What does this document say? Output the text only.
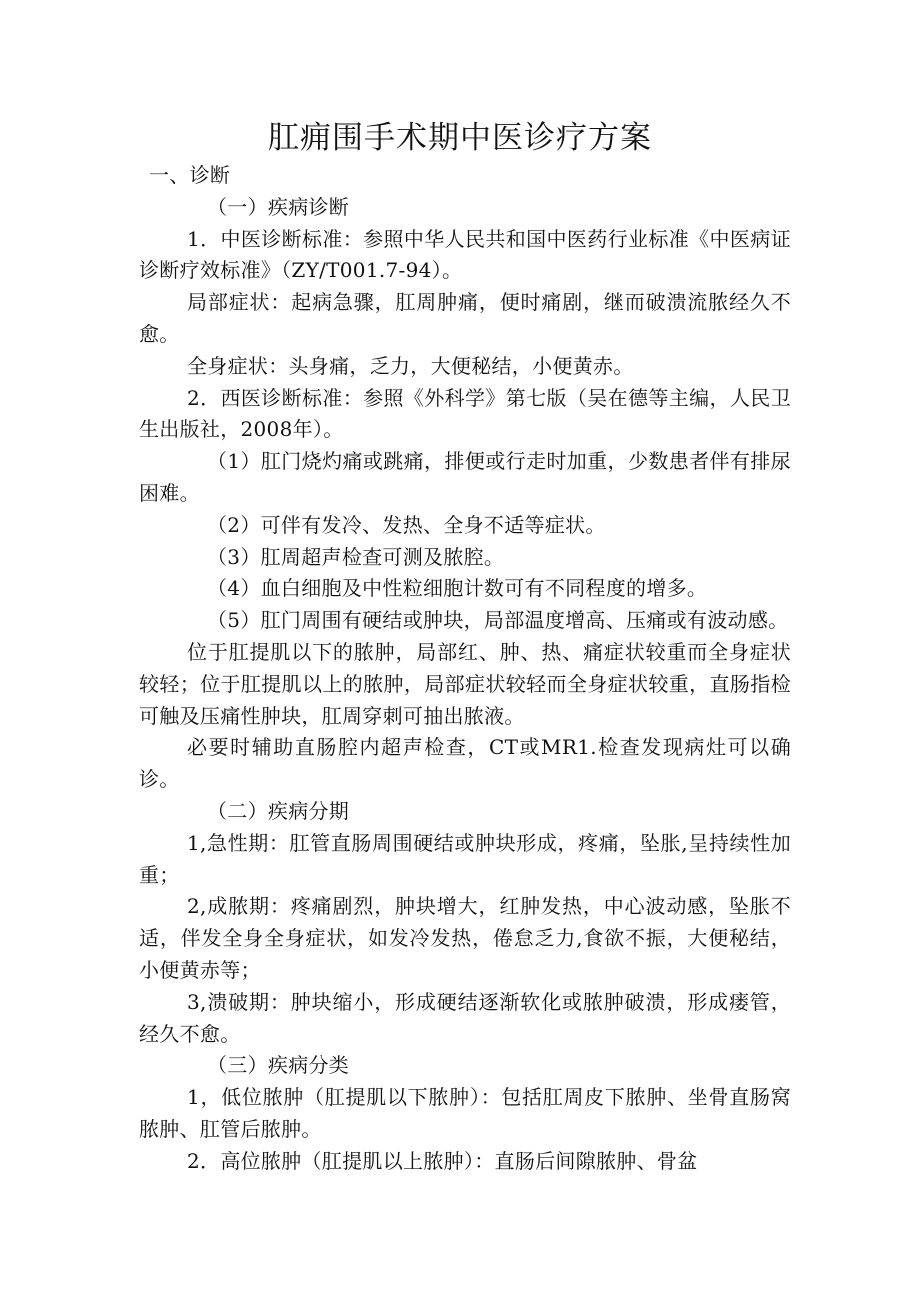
肛痈围手术期中医诊疗方案

一、诊断

（一）疾病诊断

1．中医诊断标准：参照中华人民共和国中医药行业标准《中医病证诊断疗效标准》（ZY/T001.7-94）。

局部症状：起病急骤，肛周肿痛，便时痛剧，继而破溃流脓经久不愈。

全身症状：头身痛，乏力，大便秘结，小便黄赤。

2．西医诊断标准：参照《外科学》第七版（吴在德等主编，人民卫生出版社，2008年）。

（1）肛门烧灼痛或跳痛，排便或行走时加重，少数患者伴有排尿困难。

（2）可伴有发冷、发热、全身不适等症状。

（3）肛周超声检查可测及脓腔。

（4）血白细胞及中性粒细胞计数可有不同程度的增多。

（5）肛门周围有硬结或肿块，局部温度增高、压痛或有波动感。

位于肛提肌以下的脓肿，局部红、肿、热、痛症状较重而全身症状较轻；位于肛提肌以上的脓肿，局部症状较轻而全身症状较重，直肠指检可触及压痛性肿块，肛周穿刺可抽出脓液。

必要时辅助直肠腔内超声检查，CT或MR1.检查发现病灶可以确诊。

（二）疾病分期

1,急性期：肛管直肠周围硬结或肿块形成，疼痛，坠胀,呈持续性加重；

2,成脓期：疼痛剧烈，肿块增大，红肿发热，中心波动感，坠胀不适，伴发全身全身症状，如发冷发热，倦怠乏力,食欲不振，大便秘结，小便黄赤等；

3,溃破期：肿块缩小，形成硬结逐渐软化或脓肿破溃，形成瘘管，经久不愈。

（三）疾病分类

1，低位脓肿（肛提肌以下脓肿）：包括肛周皮下脓肿、坐骨直肠窝脓肿、肛管后脓肿。

2．高位脓肿（肛提肌以上脓肿）：直肠后间隙脓肿、骨盆
